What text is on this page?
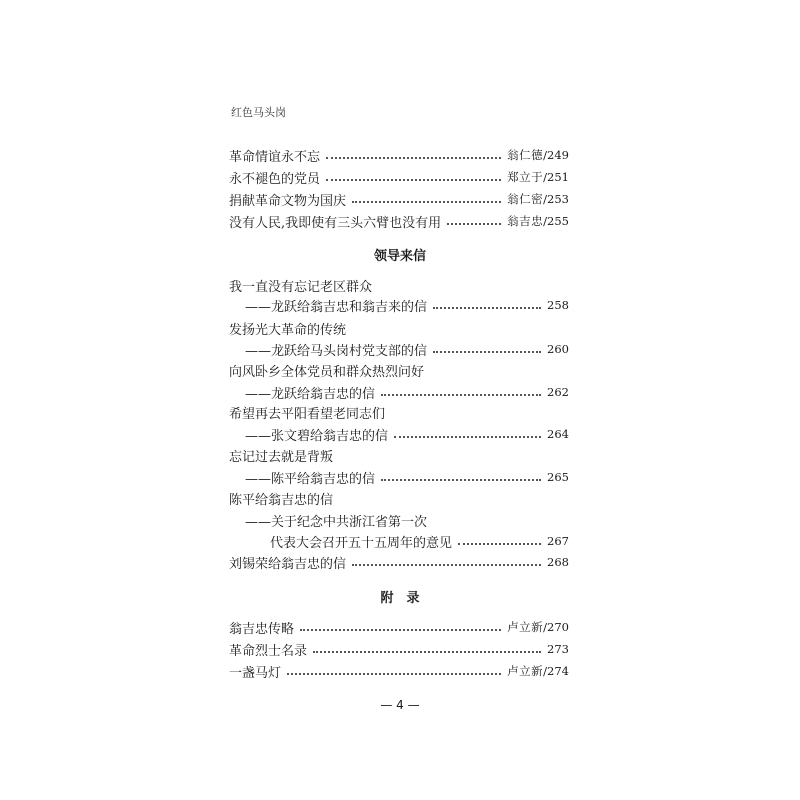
红色马头岗
革命情谊永不忘	翁仁德 /249
永不褪色的党员	郑立于 /251
捐献革命文物为国庆	翁仁密 /253
没有人民,我即使有三头六臂也没有用	翁吉忠 /255
领导来信
我一直没有忘记老区群众
——龙跃给翁吉忠和翁吉来的信	258
发扬光大革命的传统
——龙跃给马头岗村党支部的信	260
向风卧乡全体党员和群众热烈问好
——龙跃给翁吉忠的信	262
希望再去平阳看望老同志们
——张文碧给翁吉忠的信	264
忘记过去就是背叛
——陈平给翁吉忠的信	265
陈平给翁吉忠的信
——关于纪念中共浙江省第一次
代表大会召开五十五周年的意见	267
刘锡荣给翁吉忠的信	268
附　录
翁吉忠传略	卢立新 /270
革命烈士名录	273
一盏马灯	卢立新 /274
— 4 —
